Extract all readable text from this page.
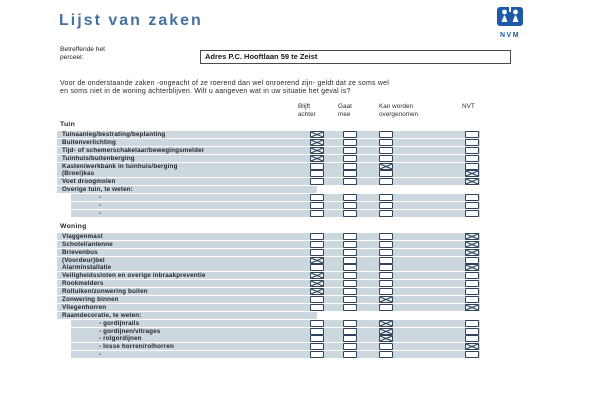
Lijst van zaken
NVM
Betreffende het
perceel:	Adres P.C. Hooftlaan 59 te Zeist
Voor de onderstaande zaken -ongeacht of ze roerend dan wel onroerend zijn- geldt dat ze soms wel
en soms niet in de woning achterblijven. Wilt u aangeven wat in uw situatie het geval is?
Blijft
achter
Gaat
mee
Kan worden
overgenomen
NVT
Tuin
Tuinaanleg/bestrating/beplanting
Buitenverlichting
Tijd- of schemerschakelaar/bewegingsmelder
Tuinhuis/buitenberging
Kasten/werkbank in tuinhuis/berging
(Broei)kas
Voet droogmolen
Overige tuin, te weten:
-
-
-
Woning
Vlaggenmast
Schotel/antenne
Brievenbus
(Voordeur)bel
Alarminstallatie
Veiligheidssloten en overige inbraakpreventie
Rookmelders
Rolluiken/zonwering buiten
Zonwering binnen
Vliegenhorren
Raamdecoratie, te weten:
- gordijnrails
- gordijnen/vitrages
- rolgordijnen
- losse horren/rolhorren
-
